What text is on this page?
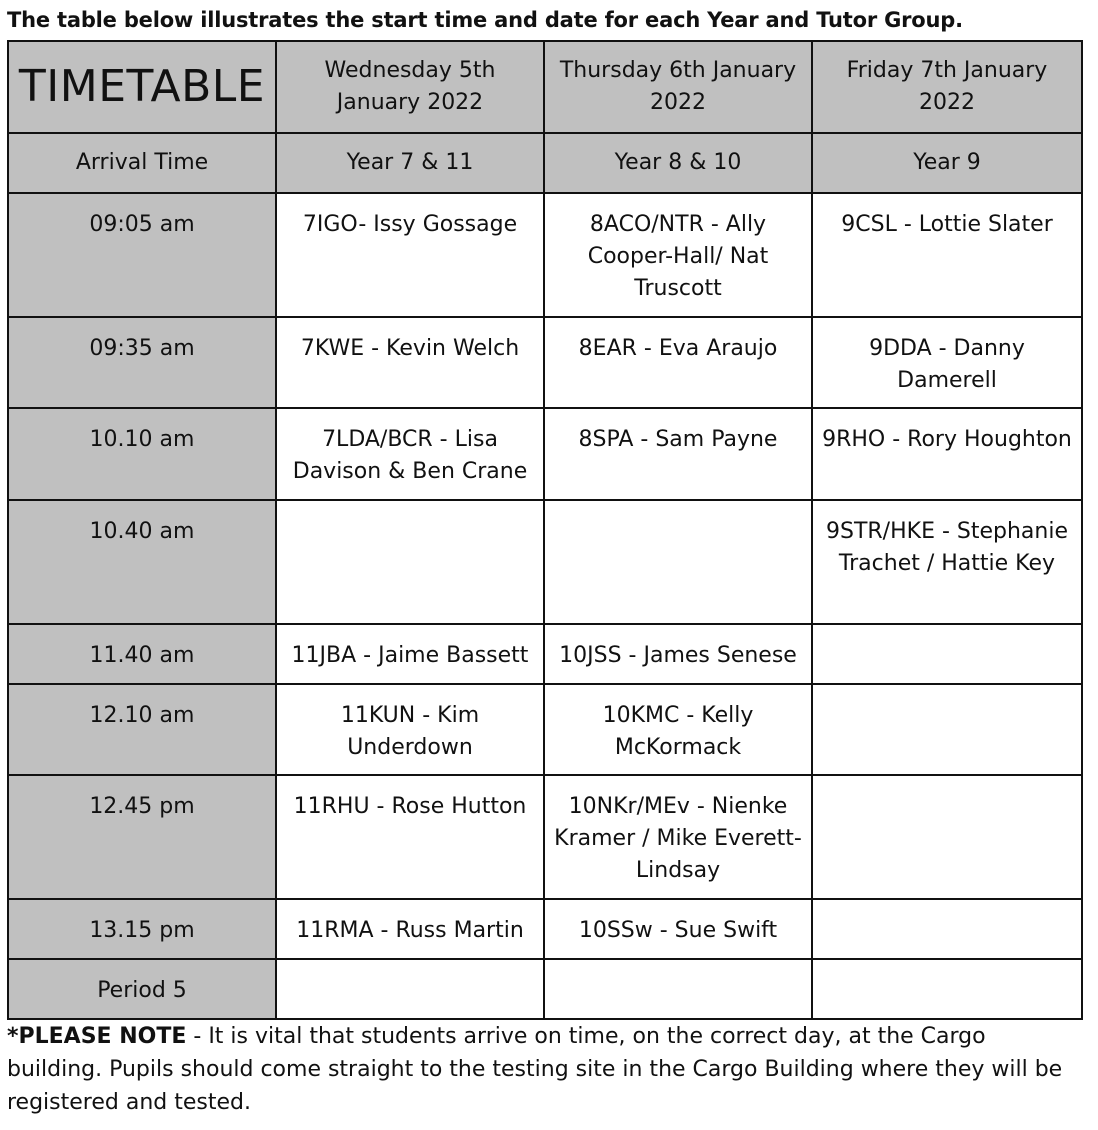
The table below illustrates the start time and date for each Year and Tutor Group.
TIMETABLE	Wednesday 5th January 2022	Thursday 6th January 2022	Friday 7th January 2022
Arrival Time	Year 7 & 11	Year 8 & 10	Year 9
09:05 am	7IGO- Issy Gossage	8ACO/NTR - Ally Cooper-Hall/ Nat Truscott	9CSL - Lottie Slater
09:35 am	7KWE - Kevin Welch	8EAR - Eva Araujo	9DDA - Danny Damerell
10.10 am	7LDA/BCR - Lisa Davison & Ben Crane	8SPA - Sam Payne	9RHO - Rory Houghton
10.40 am			9STR/HKE - Stephanie Trachet / Hattie Key
11.40 am	11JBA - Jaime Bassett	10JSS - James Senese	
12.10 am	11KUN - Kim Underdown	10KMC - Kelly McKormack	
12.45 pm	11RHU - Rose Hutton	10NKr/MEv - Nienke Kramer / Mike Everett-Lindsay	
13.15 pm	11RMA - Russ Martin	10SSw - Sue Swift	
Period 5			
*PLEASE NOTE - It is vital that students arrive on time, on the correct day, at the Cargo building. Pupils should come straight to the testing site in the Cargo Building where they will be registered and tested.
